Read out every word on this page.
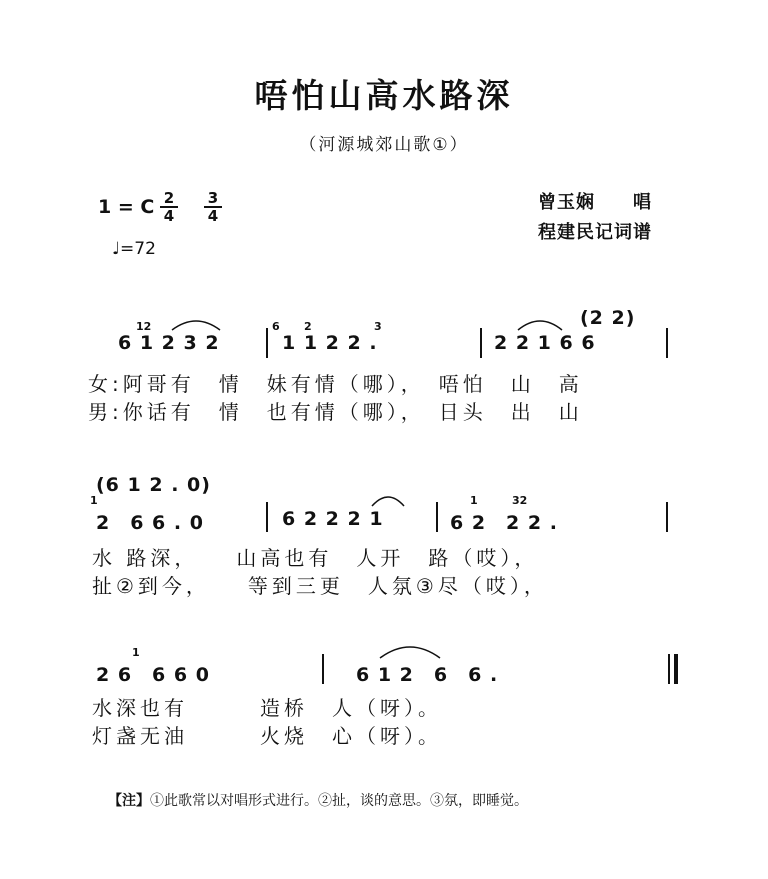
唔怕山高水路深
（河源城郊山歌①）
1 = C 2
4
3
4
♩=72
曾玉娴　　唱
程建民记词谱
12	6 2	3	(2 2)
6 1 2 3 2	1 1 2 2 .	2 2 1 6 6
女:阿哥有　情　妹有情（哪），　唔怕　山　高
男:你话有　情　也有情（哪），　日头　出　山
(6 1 2 . 0)
1	1	32
2　6 6 . 0	6 2 2 2 1	6 2　2 2 .
水 路深，　　山高也有　人开　路（哎），
扯②到今，　　等到三更　人氛③尽（哎），
1
2 6　6 6 0	6 1 2　6　6 .
水深也有　　　造桥　人（呀）。
灯盏无油　　　火烧　心（呀）。
【注】①此歌常以对唱形式进行。②扯，谈的意思。③氛，即睡觉。
